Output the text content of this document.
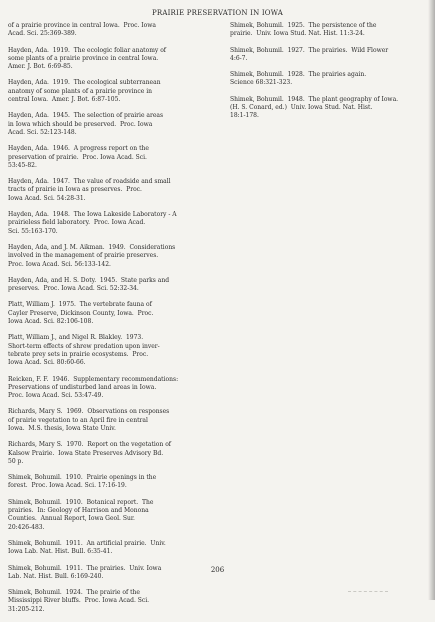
PRAIRIE PRESERVATION IN IOWA

of a prairie province in central Iowa.  Proc. Iowa
Acad. Sci. 25:369-389.

Hayden, Ada.  1919.  The ecologic foliar anatomy of
some plants of a prairie province in central Iowa.
Amer. J. Bot. 6:69-85.

Hayden, Ada.  1919.  The ecological subterranean
anatomy of some plants of a prairie province in
central Iowa.  Amer. J. Bot. 6:87-105.

Hayden, Ada.  1945.  The selection of prairie areas
in Iowa which should be preserved.  Proc. Iowa
Acad. Sci. 52:123-148.

Hayden, Ada.  1946.  A progress report on the
preservation of prairie.  Proc. Iowa Acad. Sci.
53:45-82.

Hayden, Ada.  1947.  The value of roadside and small
tracts of prairie in Iowa as preserves.  Proc.
Iowa Acad. Sci. 54:28-31.

Hayden, Ada.  1948.  The Iowa Lakeside Laboratory - A
prairieless field laboratory.  Proc. Iowa Acad.
Sci. 55:163-170.

Hayden, Ada, and J. M. Aikman.  1949.  Considerations
involved in the management of prairie preserves.
Proc. Iowa Acad. Sci. 56:133-142.

Hayden, Ada, and H. S. Doty.  1945.  State parks and
preserves.  Proc. Iowa Acad. Sci. 52:32-34.

Platt, William J.  1975.  The vertebrate fauna of
Cayler Preserve, Dickinson County, Iowa.  Proc.
Iowa Acad. Sci. 82:106-108.

Platt, William J., and Nigel R. Blakley.  1973.
Short-term effects of shrew predation upon inver-
tebrate prey sets in prairie ecosystems.  Proc.
Iowa Acad. Sci. 80:60-66.

Reicken, F. F.  1946.  Supplementary recommendations:
Preservations of undisturbed land areas in Iowa.
Proc. Iowa Acad. Sci. 53:47-49.

Richards, Mary S.  1969.  Observations on responses
of prairie vegetation to an April fire in central
Iowa.  M.S. thesis, Iowa State Univ.

Richards, Mary S.  1970.  Report on the vegetation of
Kalsow Prairie.  Iowa State Preserves Advisory Bd.
50 p.

Shimek, Bohumil.  1910.  Prairie openings in the
forest.  Proc. Iowa Acad. Sci. 17:16-19.

Shimek, Bohumil.  1910.  Botanical report.  The
prairies.  In: Geology of Harrison and Monona
Counties.  Annual Report, Iowa Geol. Sur.
20:426-483.

Shimek, Bohumil.  1911.  An artificial prairie.  Univ.
Iowa Lab. Nat. Hist. Bull. 6:35-41.

Shimek, Bohumil.  1911.  The prairies.  Univ. Iowa
Lab. Nat. Hist. Bull. 6:169-240.

Shimek, Bohumil.  1924.  The prairie of the
Mississippi River bluffs.  Proc. Iowa Acad. Sci.
31:205-212.

Shimek, Bohumil.  1925.  The persistence of the
prairie.  Univ. Iowa Stud. Nat. Hist. 11:3-24.

Shimek, Bohumil.  1927.  The prairies.  Wild Flower
4:6-7.

Shimek, Bohumil.  1928.  The prairies again.
Science 68:321-323.

Shimek, Bohumil.  1948.  The plant geography of Iowa.
(H. S. Conard, ed.)  Univ. Iowa Stud. Nat. Hist.
18:1-178.

206
